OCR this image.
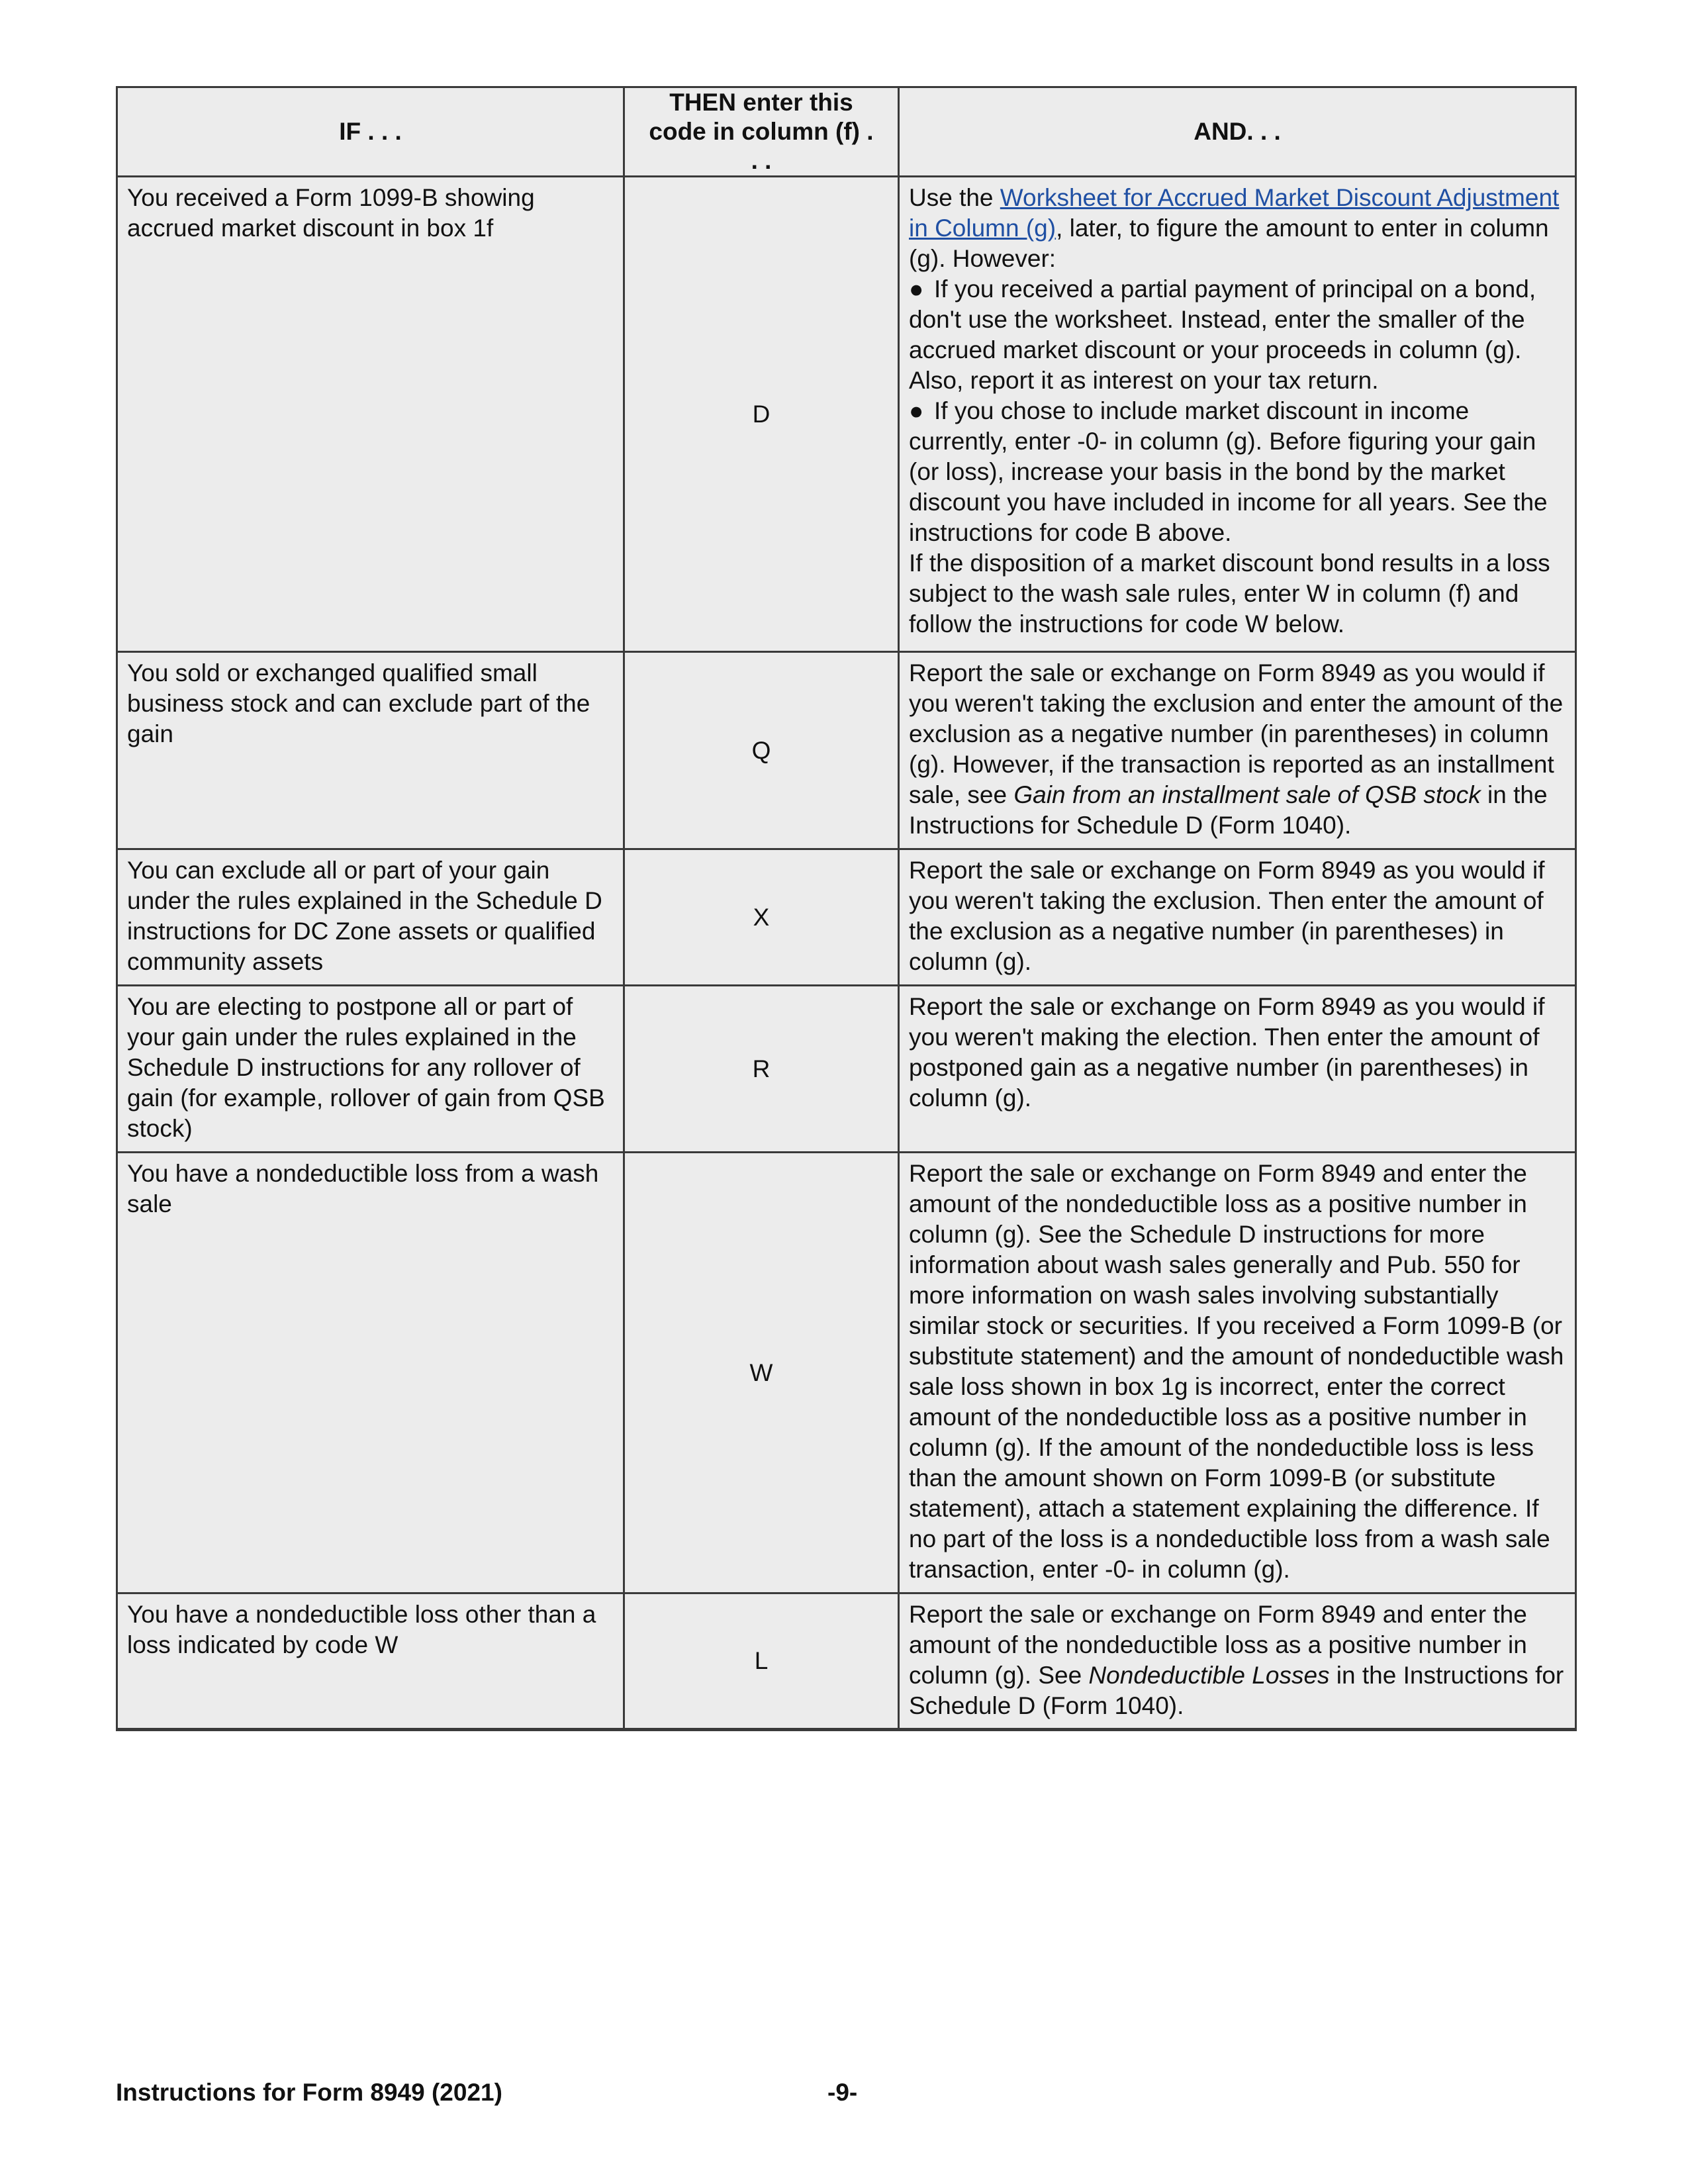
IF . . .	THEN enter this code in column (f) . . .	AND. . .
You received a Form 1099-B showing accrued market discount in box 1f	D	Use the Worksheet for Accrued Market Discount Adjustment in Column (g), later, to figure the amount to enter in column (g). However:
● If you received a partial payment of principal on a bond, don't use the worksheet. Instead, enter the smaller of the accrued market discount or your proceeds in column (g). Also, report it as interest on your tax return.
● If you chose to include market discount in income currently, enter -0- in column (g). Before figuring your gain (or loss), increase your basis in the bond by the market discount you have included in income for all years. See the instructions for code B above.
If the disposition of a market discount bond results in a loss subject to the wash sale rules, enter W in column (f) and follow the instructions for code W below.

You sold or exchanged qualified small business stock and can exclude part of the gain	Q	Report the sale or exchange on Form 8949 as you would if you weren't taking the exclusion and enter the amount of the exclusion as a negative number (in parentheses) in column (g). However, if the transaction is reported as an installment sale, see Gain from an installment sale of QSB stock in the Instructions for Schedule D (Form 1040).
You can exclude all or part of your gain under the rules explained in the Schedule D instructions for DC Zone assets or qualified community assets	X	Report the sale or exchange on Form 8949 as you would if you weren't taking the exclusion. Then enter the amount of the exclusion as a negative number (in parentheses) in column (g).
You are electing to postpone all or part of your gain under the rules explained in the Schedule D instructions for any rollover of gain (for example, rollover of gain from QSB stock)	R	Report the sale or exchange on Form 8949 as you would if you weren't making the election. Then enter the amount of postponed gain as a negative number (in parentheses) in column (g).
You have a nondeductible loss from a wash sale	W	Report the sale or exchange on Form 8949 and enter the amount of the nondeductible loss as a positive number in column (g). See the Schedule D instructions for more information about wash sales generally and Pub. 550 for more information on wash sales involving substantially similar stock or securities. If you received a Form 1099-B (or substitute statement) and the amount of nondeductible wash sale loss shown in box 1g is incorrect, enter the correct amount of the nondeductible loss as a positive number in column (g). If the amount of the nondeductible loss is less than the amount shown on Form 1099-B (or substitute statement), attach a statement explaining the difference. If no part of the loss is a nondeductible loss from a wash sale transaction, enter -0- in column (g).
You have a nondeductible loss other than a loss indicated by code W	L	Report the sale or exchange on Form 8949 and enter the amount of the nondeductible loss as a positive number in column (g). See Nondeductible Losses in the Instructions for Schedule D (Form 1040).
Instructions for Form 8949 (2021)	-9-
